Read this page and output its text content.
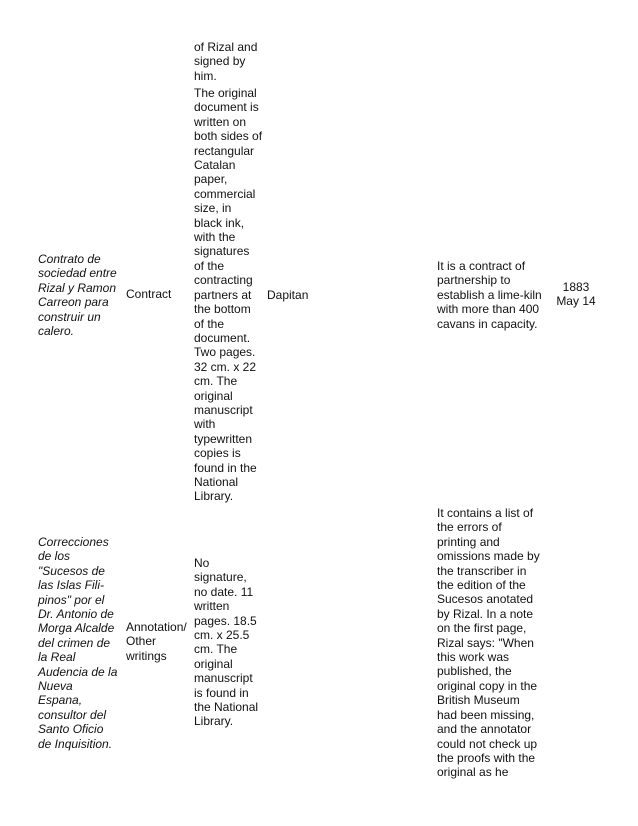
of Rizal and
signed by
him.

The original
document is
written on
both sides of
rectangular
Catalan
paper,
commercial
size, in
black ink,
with the
signatures
of the
contracting
partners at
the bottom
of the
document.
Two pages.
32 cm. x 22
cm. The
original
manuscript
with
typewritten
copies is
found in the
National
Library.

Contrato de
sociedad entre
Rizal y Ramon
Carreon para
construir un
calero.

Contract	Dapitan

It is a contract of
partnership to
establish a lime-kiln
with more than 400
cavans in capacity.

1883
May 14

Correcciones
de los
"Sucesos de
las Islas Fili-
pinos" por el
Dr. Antonio de
Morga Alcalde
del crimen de
la Real
Audencia de la
Nueva
Espana,
consultor del
Santo Oficio
de Inquisition.

Annotation/
Other
writings

No
signature,
no date. 11
written
pages. 18.5
cm. x 25.5
cm. The
original
manuscript
is found in
the National
Library.

It contains a list of
the errors of
printing and
omissions made by
the transcriber in
the edition of the
Sucesos anotated
by Rizal. In a note
on the first page,
Rizal says: "When
this work was
published, the
original copy in the
British Museum
had been missing,
and the annotator
could not check up
the proofs with the
original as he
